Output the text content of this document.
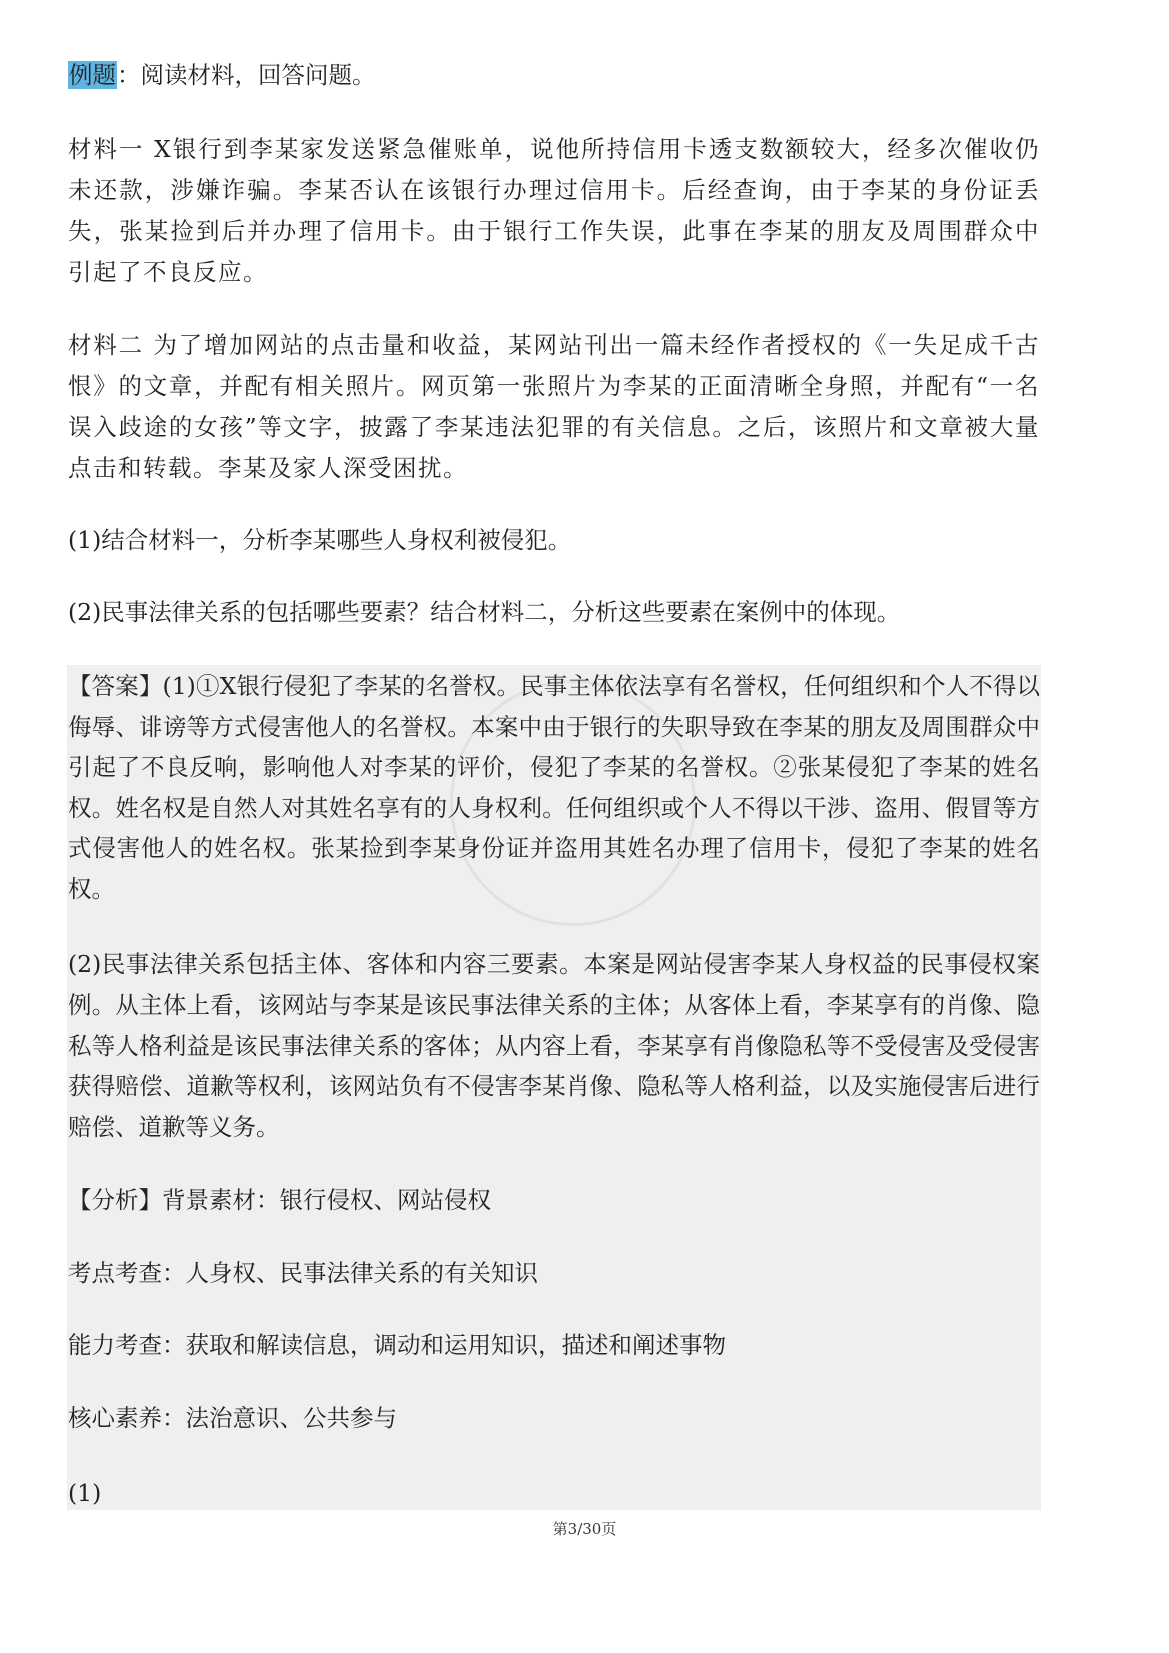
例题：阅读材料，回答问题。

材料一 X银行到李某家发送紧急催账单，说他所持信用卡透支数额较大，经多次催收仍未还款，涉嫌诈骗。李某否认在该银行办理过信用卡。后经查询，由于李某的身份证丢失，张某捡到后并办理了信用卡。由于银行工作失误，此事在李某的朋友及周围群众中引起了不良反应。

材料二 为了增加网站的点击量和收益，某网站刊出一篇未经作者授权的《一失足成千古恨》的文章，并配有相关照片。网页第一张照片为李某的正面清晰全身照，并配有“一名误入歧途的女孩”等文字，披露了李某违法犯罪的有关信息。之后，该照片和文章被大量点击和转载。李某及家人深受困扰。

(1)结合材料一，分析李某哪些人身权利被侵犯。

(2)民事法律关系的包括哪些要素？结合材料二，分析这些要素在案例中的体现。

【答案】(1)①X银行侵犯了李某的名誉权。民事主体依法享有名誉权，任何组织和个人不得以侮辱、诽谤等方式侵害他人的名誉权。本案中由于银行的失职导致在李某的朋友及周围群众中引起了不良反响，影响他人对李某的评价，侵犯了李某的名誉权。②张某侵犯了李某的姓名权。姓名权是自然人对其姓名享有的人身权利。任何组织或个人不得以干涉、盗用、假冒等方式侵害他人的姓名权。张某捡到李某身份证并盗用其姓名办理了信用卡，侵犯了李某的姓名权。

(2)民事法律关系包括主体、客体和内容三要素。本案是网站侵害李某人身权益的民事侵权案例。从主体上看，该网站与李某是该民事法律关系的主体；从客体上看，李某享有的肖像、隐私等人格利益是该民事法律关系的客体；从内容上看，李某享有肖像隐私等不受侵害及受侵害获得赔偿、道歉等权利，该网站负有不侵害李某肖像、隐私等人格利益，以及实施侵害后进行赔偿、道歉等义务。

【分析】背景素材：银行侵权、网站侵权

考点考查：人身权、民事法律关系的有关知识

能力考查：获取和解读信息，调动和运用知识，描述和阐述事物

核心素养：法治意识、公共参与

(1)

第3/30页
